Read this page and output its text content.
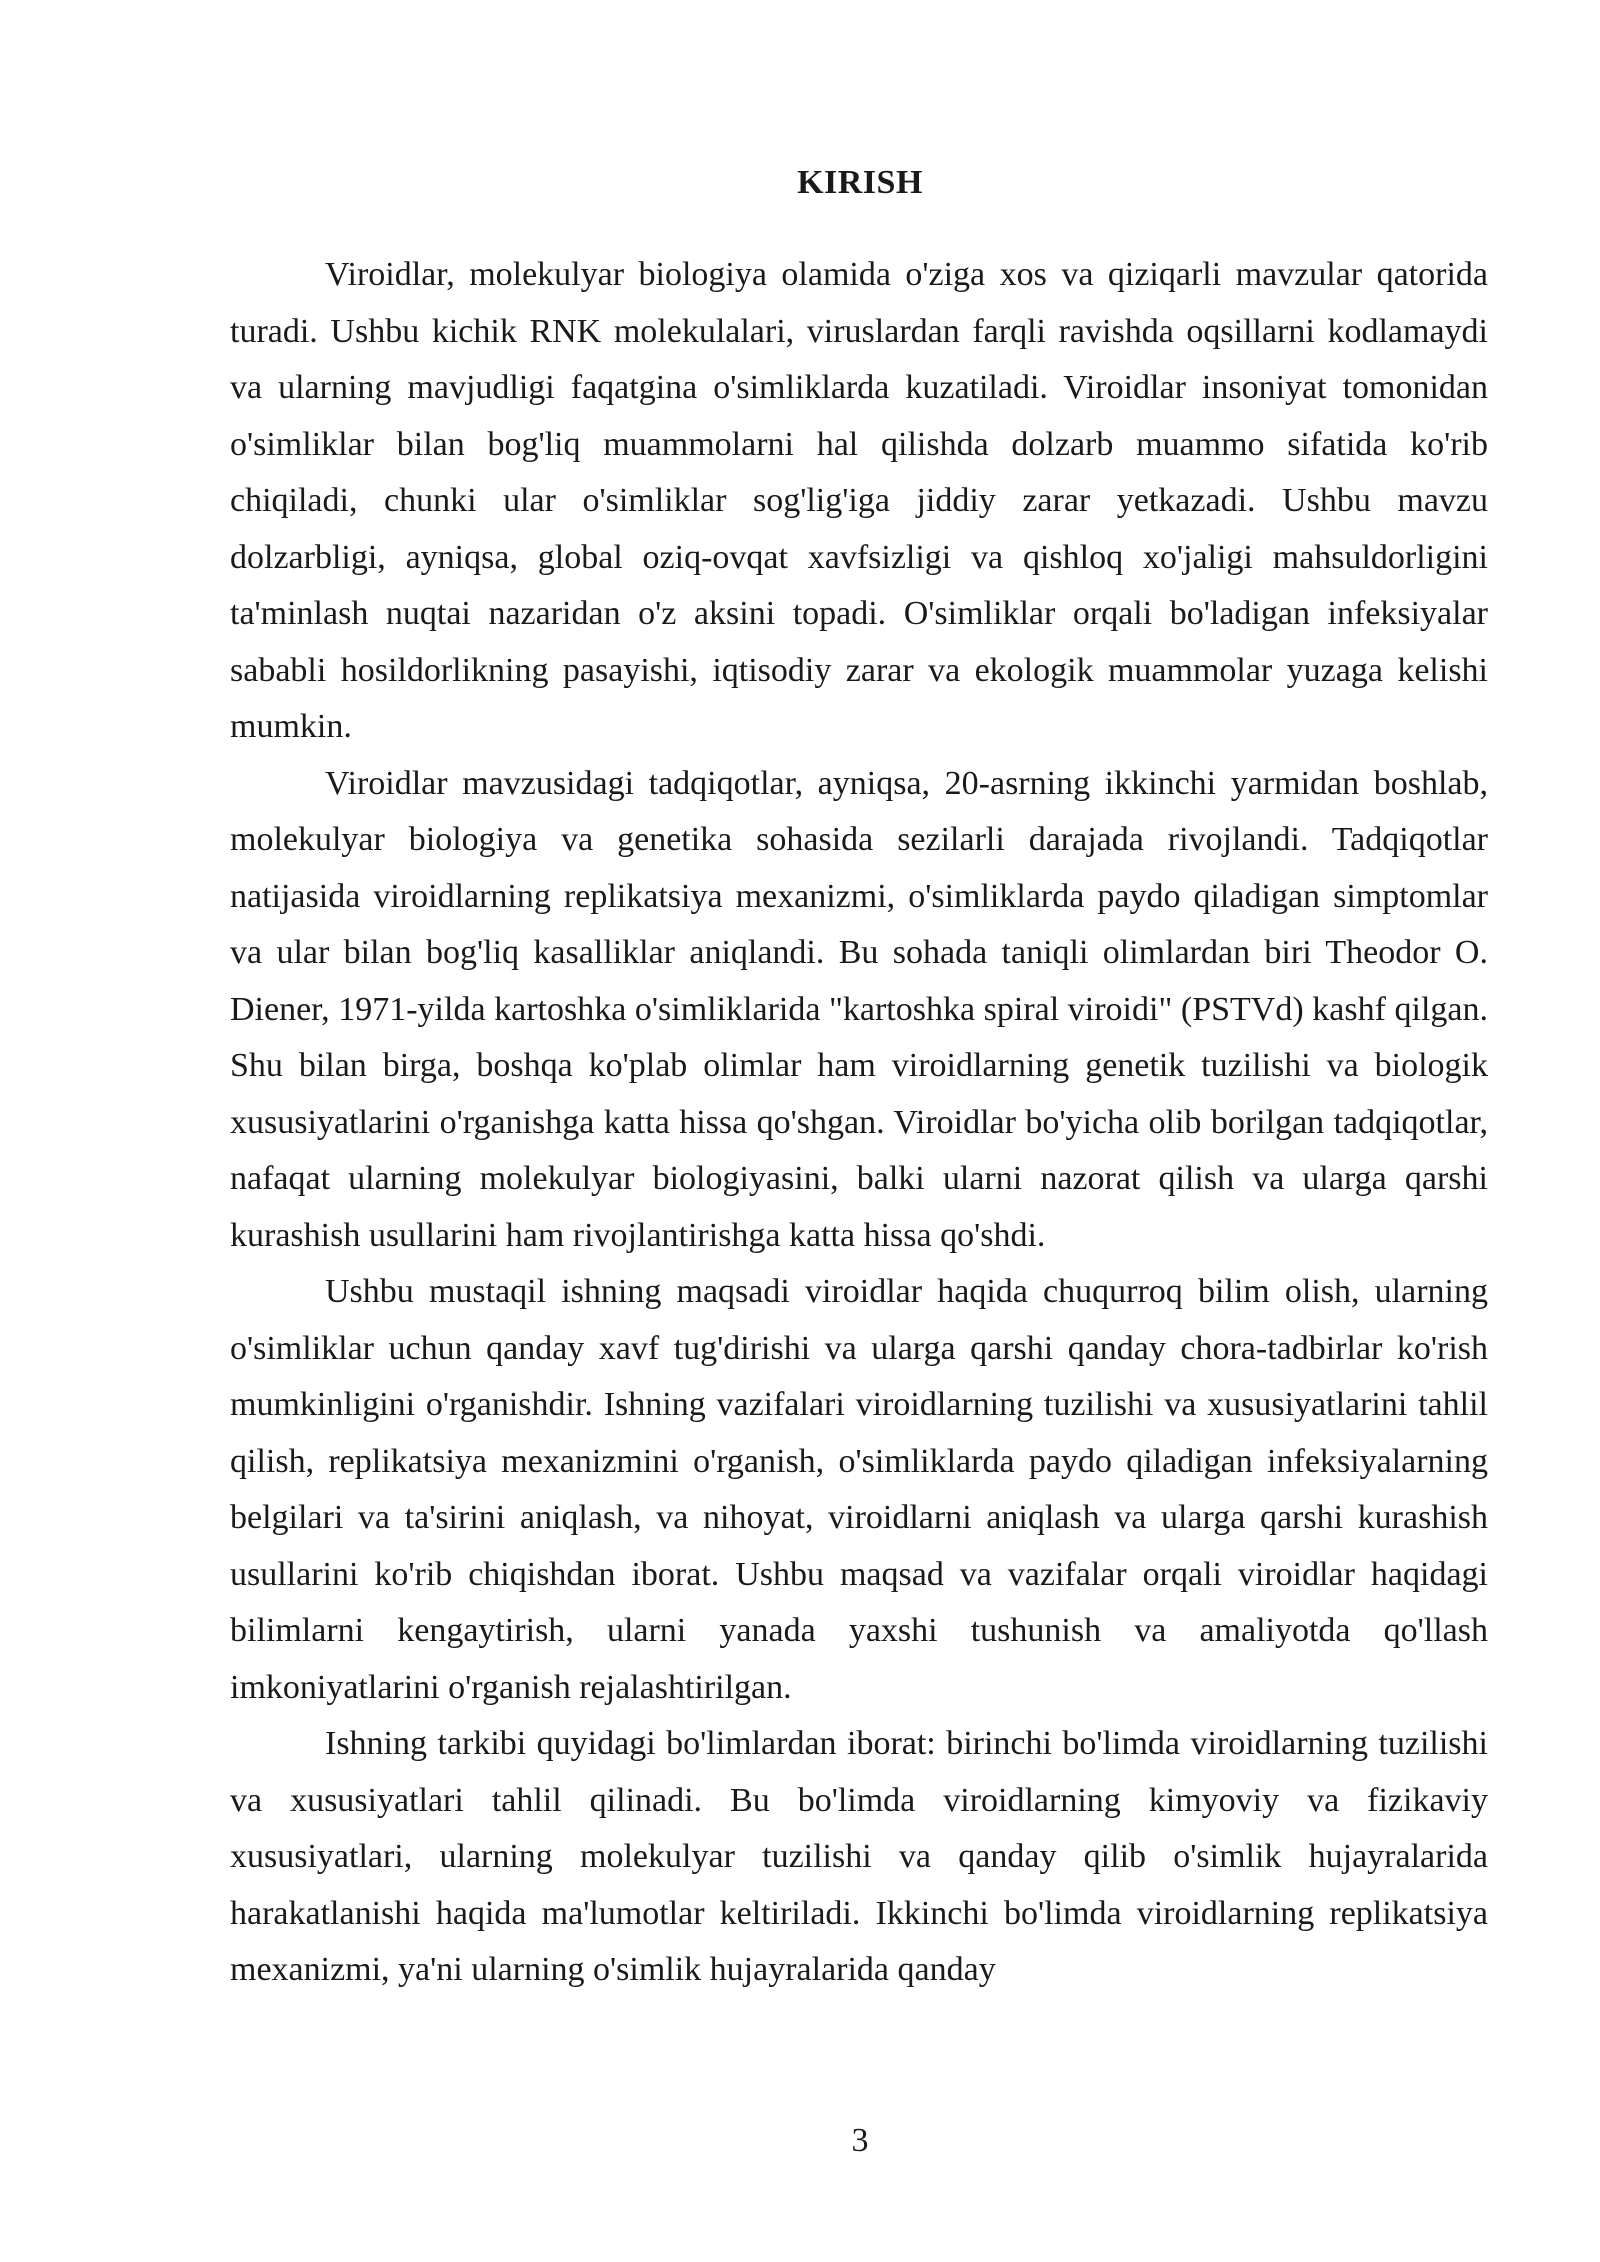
KIRISH

Viroidlar, molekulyar biologiya olamida o'ziga xos va qiziqarli mavzular qatorida turadi. Ushbu kichik RNK molekulalari, viruslardan farqli ravishda oqsillarni kodlamaydi va ularning mavjudligi faqatgina o'simliklarda kuzatiladi. Viroidlar insoniyat tomonidan o'simliklar bilan bog'liq muammolarni hal qilishda dolzarb muammo sifatida ko'rib chiqiladi, chunki ular o'simliklar sog'lig'iga jiddiy zarar yetkazadi. Ushbu mavzu dolzarbligi, ayniqsa, global oziq-ovqat xavfsizligi va qishloq xo'jaligi mahsuldorligini ta'minlash nuqtai nazaridan o'z aksini topadi. O'simliklar orqali bo'ladigan infeksiyalar sababli hosildorlikning pasayishi, iqtisodiy zarar va ekologik muammolar yuzaga kelishi mumkin.

Viroidlar mavzusidagi tadqiqotlar, ayniqsa, 20-asrning ikkinchi yarmidan boshlab, molekulyar biologiya va genetika sohasida sezilarli darajada rivojlandi. Tadqiqotlar natijasida viroidlarning replikatsiya mexanizmi, o'simliklarda paydo qiladigan simptomlar va ular bilan bog'liq kasalliklar aniqlandi. Bu sohada taniqli olimlardan biri Theodor O. Diener, 1971-yilda kartoshka o'simliklarida "kartoshka spiral viroidi" (PSTVd) kashf qilgan. Shu bilan birga, boshqa ko'plab olimlar ham viroidlarning genetik tuzilishi va biologik xususiyatlarini o'rganishga katta hissa qo'shgan. Viroidlar bo'yicha olib borilgan tadqiqotlar, nafaqat ularning molekulyar biologiyasini, balki ularni nazorat qilish va ularga qarshi kurashish usullarini ham rivojlantirishga katta hissa qo'shdi.

Ushbu mustaqil ishning maqsadi viroidlar haqida chuqurroq bilim olish, ularning o'simliklar uchun qanday xavf tug'dirishi va ularga qarshi qanday chora-tadbirlar ko'rish mumkinligini o'rganishdir. Ishning vazifalari viroidlarning tuzilishi va xususiyatlarini tahlil qilish, replikatsiya mexanizmini o'rganish, o'simliklarda paydo qiladigan infeksiyalarning belgilari va ta'sirini aniqlash, va nihoyat, viroidlarni aniqlash va ularga qarshi kurashish usullarini ko'rib chiqishdan iborat. Ushbu maqsad va vazifalar orqali viroidlar haqidagi bilimlarni kengaytirish, ularni yanada yaxshi tushunish va amaliyotda qo'llash imkoniyatlarini o'rganish rejalashtirilgan.

Ishning tarkibi quyidagi bo'limlardan iborat: birinchi bo'limda viroidlarning tuzilishi va xususiyatlari tahlil qilinadi. Bu bo'limda viroidlarning kimyoviy va fizikaviy xususiyatlari, ularning molekulyar tuzilishi va qanday qilib o'simlik hujayralarida harakatlanishi haqida ma'lumotlar keltiriladi. Ikkinchi bo'limda viroidlarning replikatsiya mexanizmi, ya'ni ularning o'simlik hujayralarida qanday

3
